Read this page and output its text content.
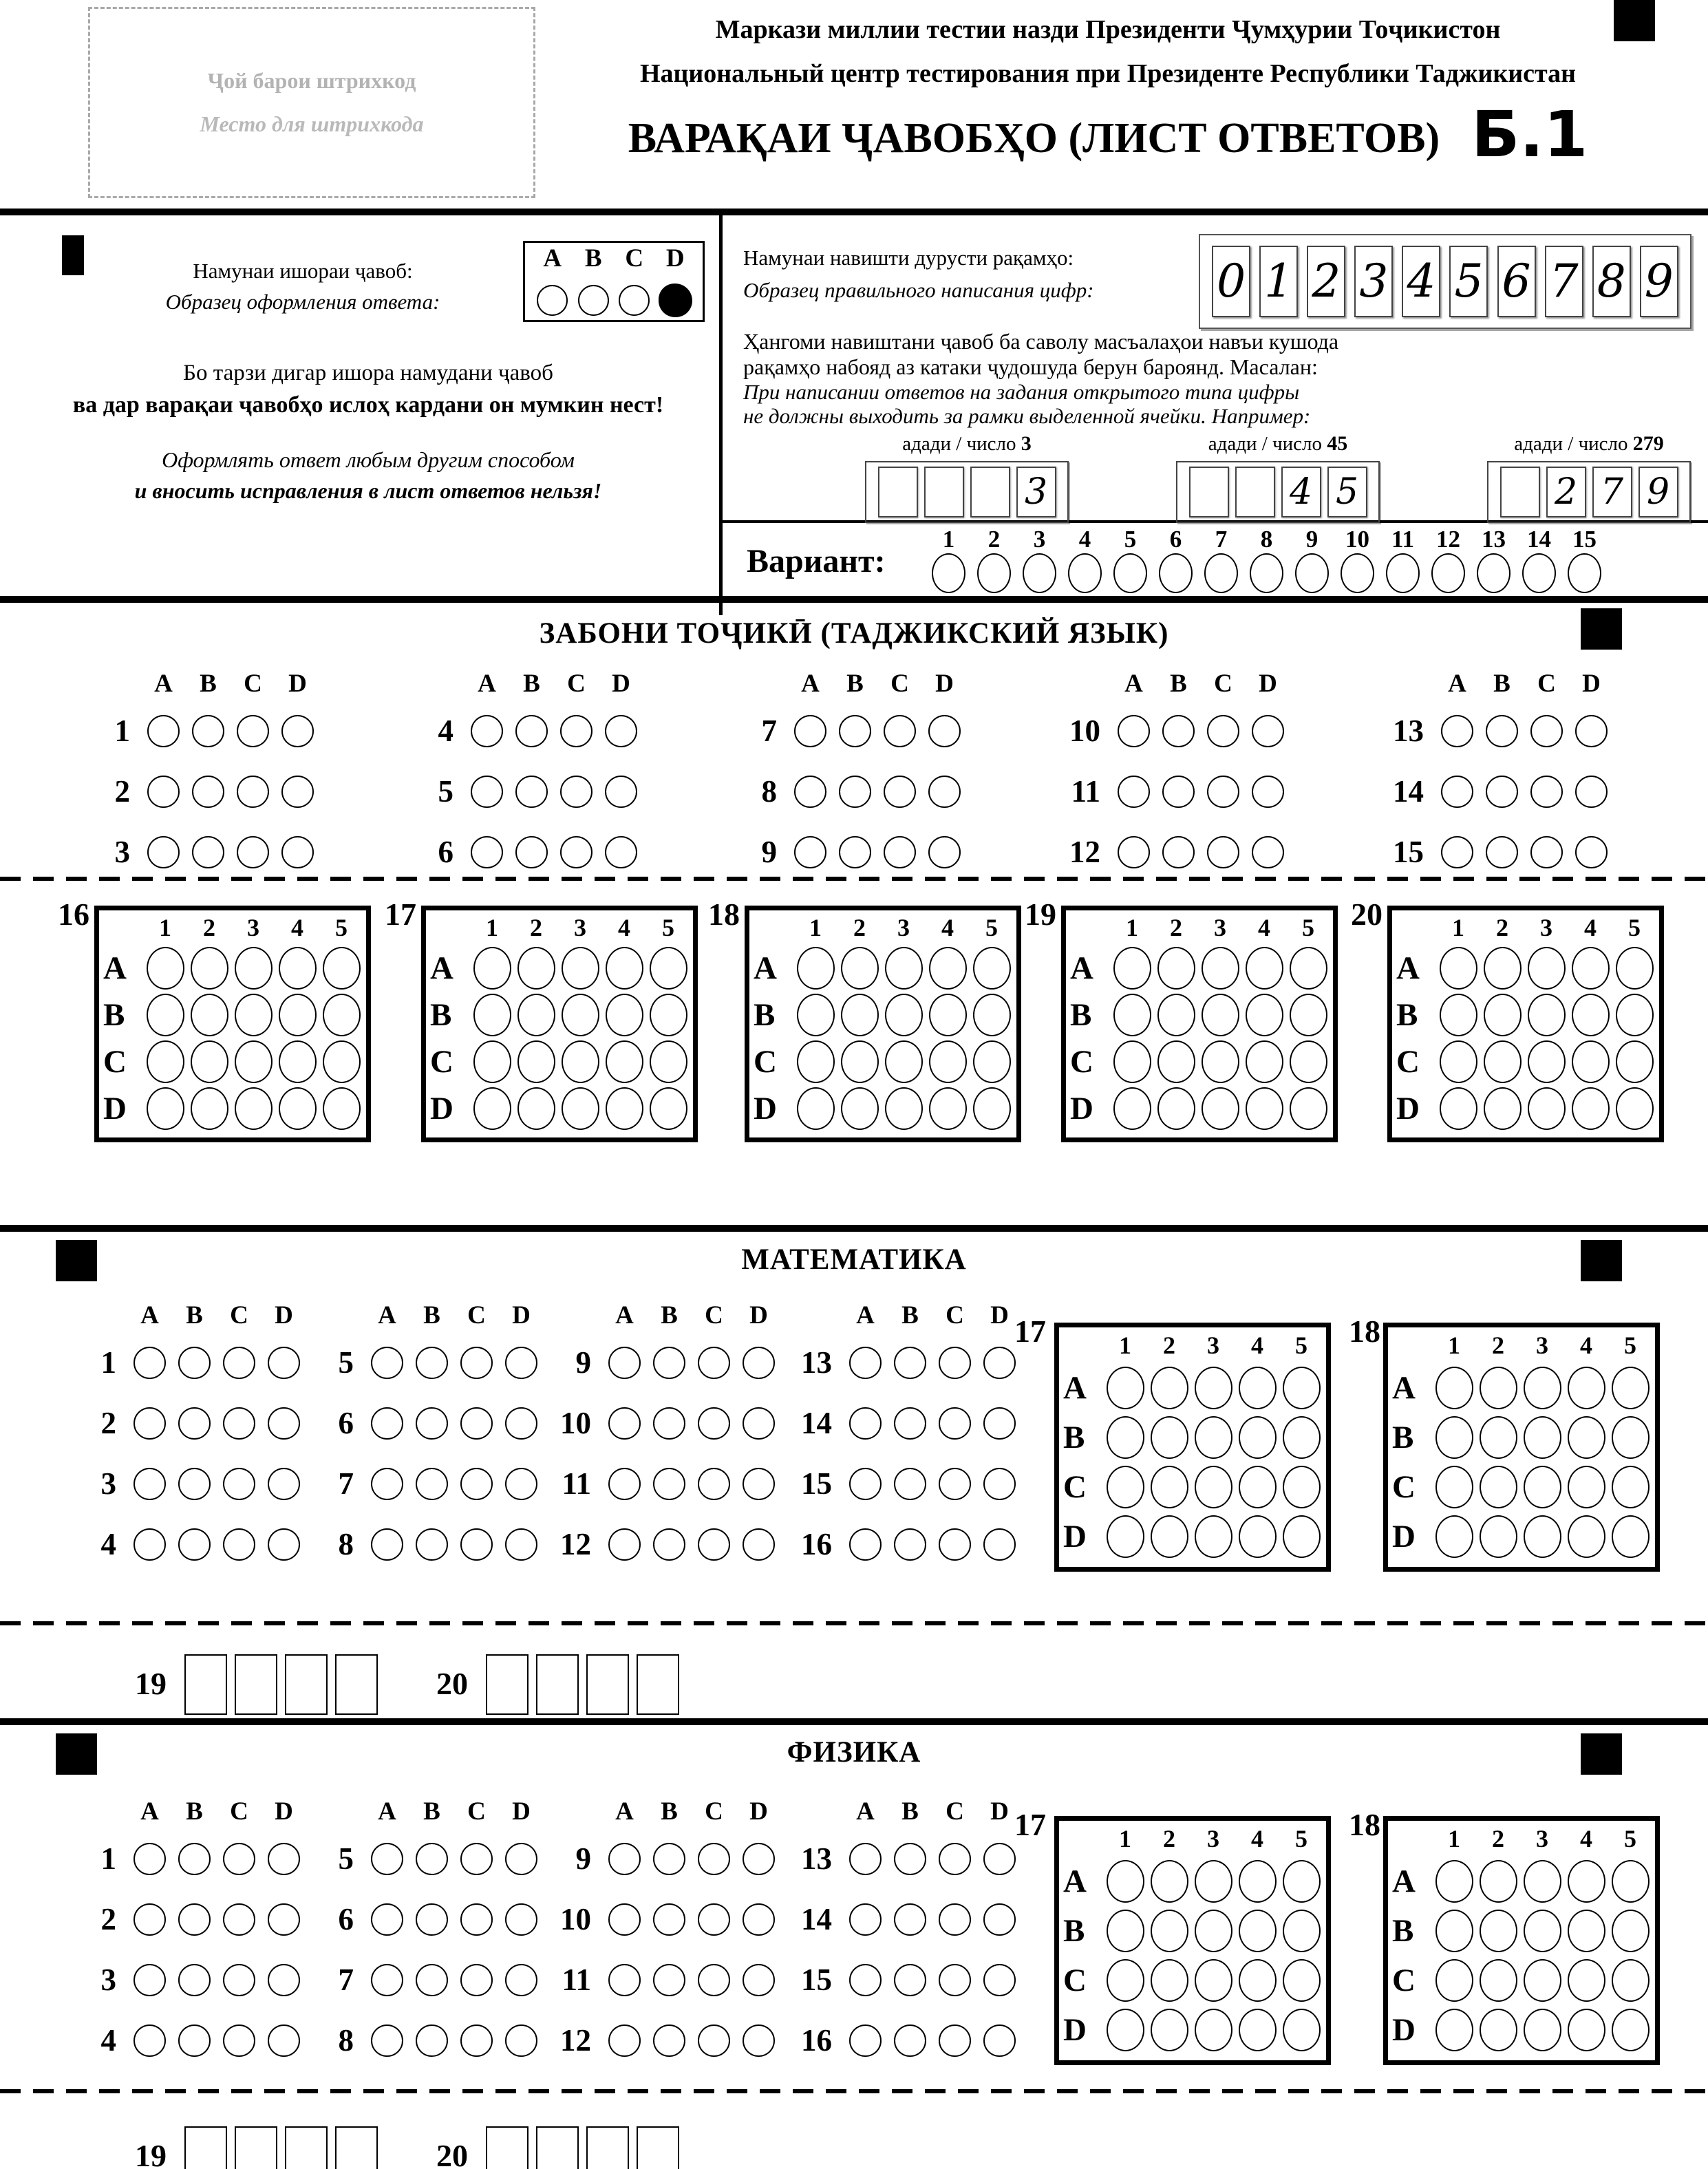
Ҷой барои штрихкод
Место для штрихкода
Маркази миллии тестии назди Президенти Ҷумҳурии Тоҷикистон
Национальный центр тестирования при Президенте Республики Таджикистан
ВАРАҚАИ ҶАВОБҲО (ЛИСТ ОТВЕТОВ) Б.1
Намунаи ишораи ҷавоб:
Образец оформления ответа:
A B C D
Бо тарзи дигар ишора намудани ҷавоб
ва дар варақаи ҷавобҳо ислоҳ кардани он мумкин нест!
Оформлять ответ любым другим способом
и вносить исправления в лист ответов нельзя!
Намунаи навишти дурусти рақамҳо:
Образец правильного написания цифр:	0 1 2 3 4 5 6 7 8 9
Ҳангоми навиштани ҷавоб ба саволу масъалаҳои навъи кушода
рақамҳо набояд аз катаки ҷудошуда берун бароянд. Масалан:
При написании ответов на задания открытого типа цифры
не должны выходить за рамки выделенной ячейки. Например:
Вариант:
1 2 3 4 5 6 7 8 9 10 11 12 13 14 15
ЗАБОНИ ТОҶИКӢ (ТАДЖИКСКИЙ ЯЗЫК)
МАТЕМАТИКА
ФИЗИКА
адади / число 3
3
адади / число 45
4 5
адади / число 279
2 7 9
A	B	C	D
1
2
3
A	B	C	D
4
5
6
A	B	C	D
7
8
9
A	B	C	D
10
11
12
A	B	C	D
13
14
15
16	1	2	3	4	5
A
B
C
D
17	1	2	3	4	5
A
B
C
D
18	1	2	3	4	5
A
B
C
D
19	1	2	3	4	5
A
B
C
D
20	1	2	3	4	5
A
B
C
D
A	B	C	D
1
2
3
4
A	B	C	D
5
6
7
8
A	B	C	D
9
10
11
12
A	B	C	D
13
14
15
16
17	1	2	3	4	5
A
B
C
D
18	1	2	3	4	5
A
B
C
D
19	20
A	B	C	D
1
2
3
4
A	B	C	D
5
6
7
8
A	B	C	D
9
10
11
12
A	B	C	D
13
14
15
16
17	1	2	3	4	5
A
B
C
D
18	1	2	3	4	5
A
B
C
D
19	20
